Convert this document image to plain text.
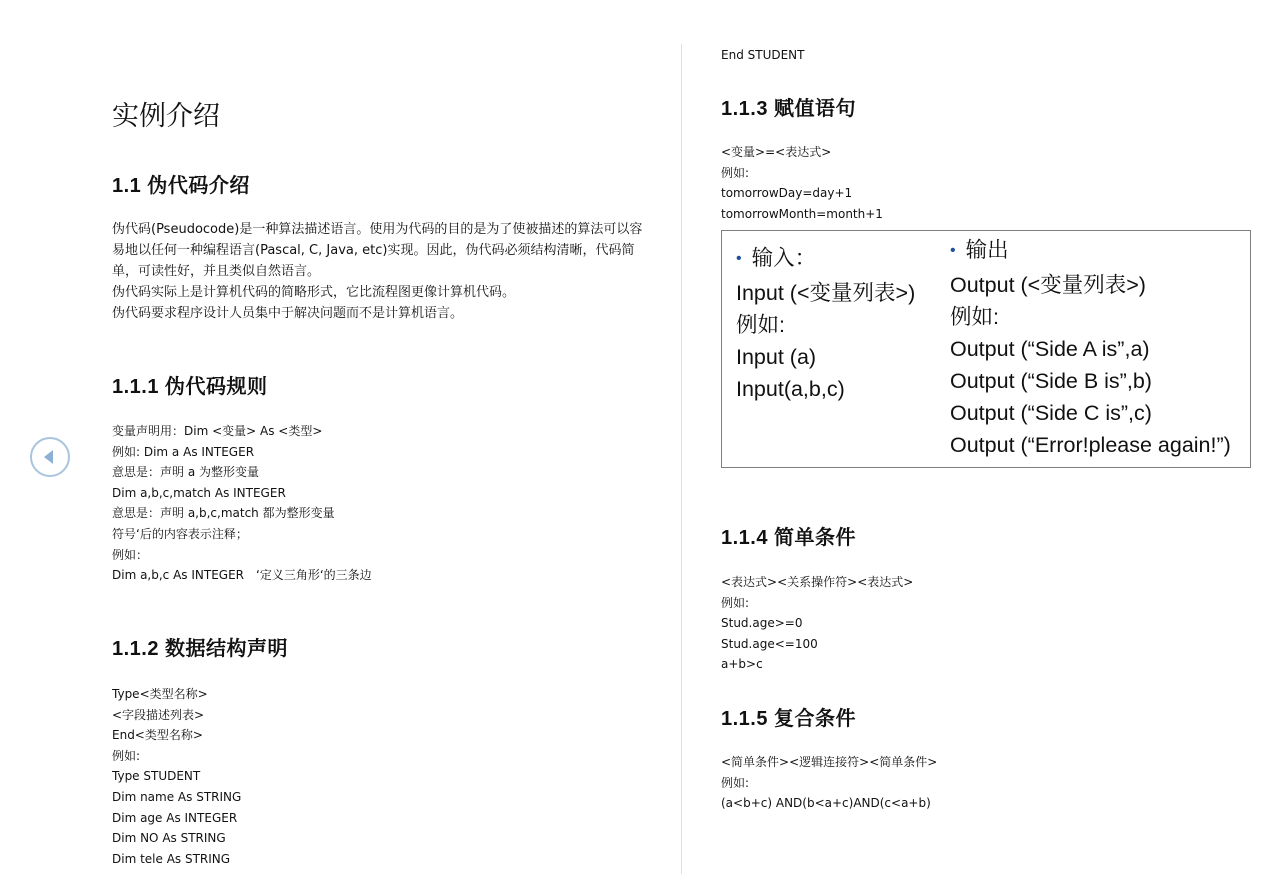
实例介绍
1.1 伪代码介绍

伪代码(Pseudocode)是一种算法描述语言。使用为代码的目的是为了使被描述的算法可以容易地以任何一种编程语言(Pascal, C, Java, etc)实现。因此，伪代码必须结构清晰，代码简单，可读性好，并且类似自然语言。

伪代码实际上是计算机代码的简略形式，它比流程图更像计算机代码。

伪代码要求程序设计人员集中于解决问题而不是计算机语言。

1.1.1 伪代码规则
变量声明用：Dim <变量> As <类型>
例如: Dim a As INTEGER
意思是：声明 a 为整形变量
Dim a,b,c,match As INTEGER
意思是：声明 a,b,c,match 都为整形变量
符号‘后的内容表示注释；
例如：
Dim a,b,c As INTEGER　‘定义三角形‘的三条边
1.1.2 数据结构声明
Type<类型名称>
<字段描述列表>
End<类型名称>
例如:
Type STUDENT
Dim name As STRING
Dim age As INTEGER
Dim NO As STRING
Dim tele As STRING
End STUDENT
1.1.3 赋值语句
<变量>=<表达式>
例如:
tomorrowDay=day+1
tomorrowMonth=month+1
• 输入：
Input (<变量列表>)
例如:
Input (a)
Input(a,b,c)
• 输出
Output (<变量列表>)
例如:
Output (“Side A is”,a)
Output (“Side B is”,b)
Output (“Side C is”,c)
Output (“Error!please again!”)
1.1.4 简单条件
<表达式><关系操作符><表达式>
例如:
Stud.age>=0
Stud.age<=100
a+b>c
1.1.5 复合条件
<简单条件><逻辑连接符><简单条件>
例如:
(a<b+c) AND(b<a+c)AND(c<a+b)
